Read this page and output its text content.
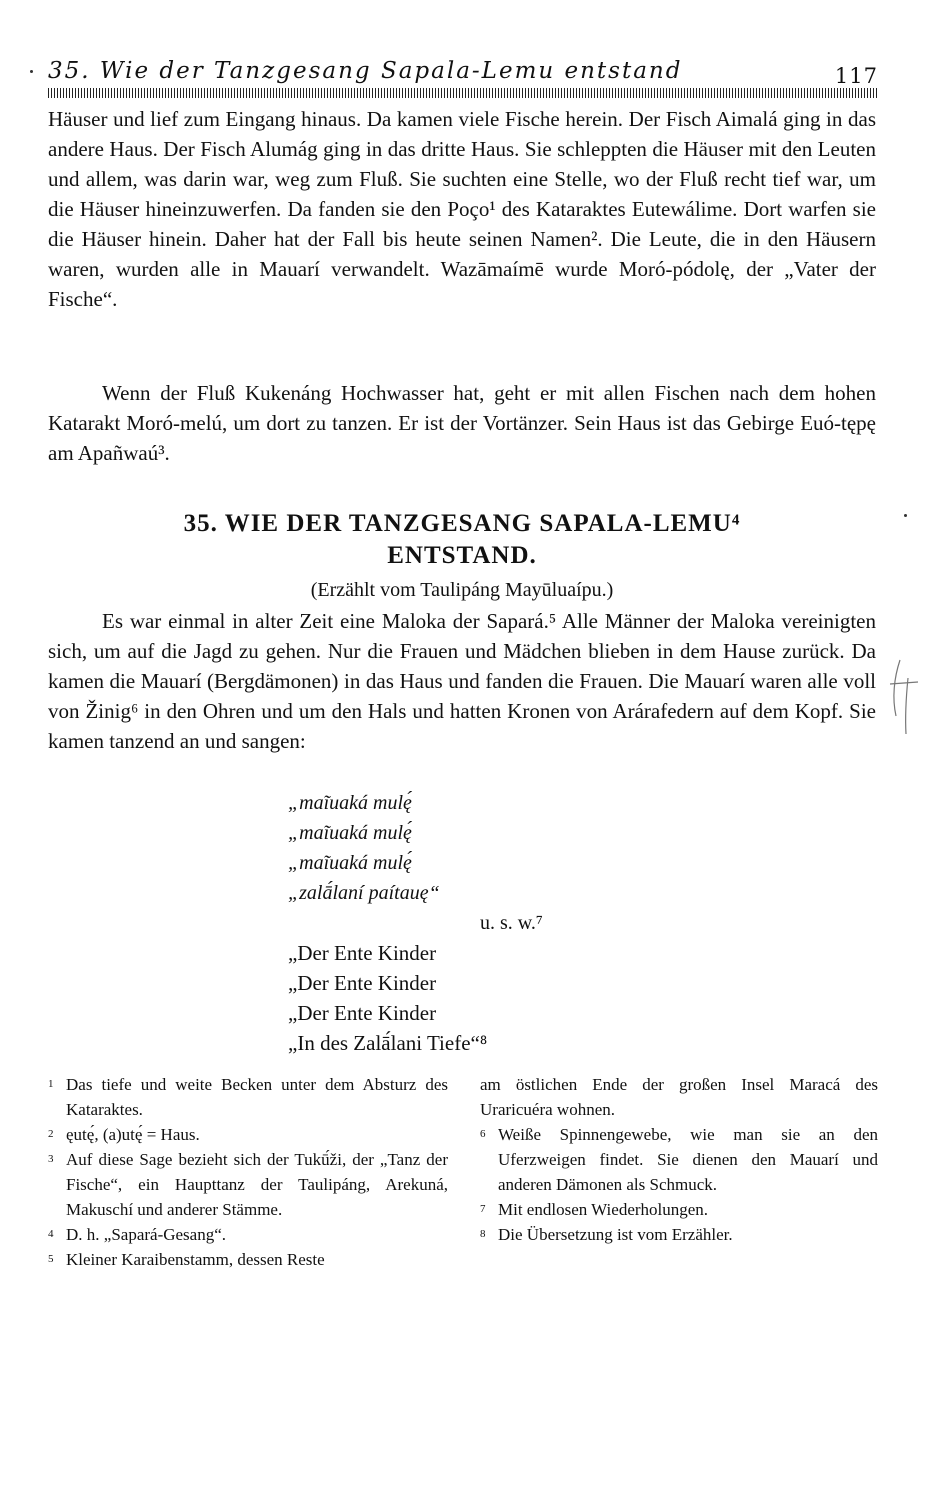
35. Wie der Tanzgesang Sapala-Lemu entstand	117

Häuser und lief zum Eingang hinaus. Da kamen viele Fische herein. Der Fisch Aimalá ging in das andere Haus. Der Fisch Alumág ging in das dritte Haus. Sie schleppten die Häuser mit den Leuten und allem, was darin war, weg zum Fluß. Sie suchten eine Stelle, wo der Fluß recht tief war, um die Häuser hineinzuwerfen. Da fanden sie den Poço¹ des Kataraktes Eutewálime. Dort warfen sie die Häuser hinein. Daher hat der Fall bis heute seinen Namen². Die Leute, die in den Häusern waren, wurden alle in Mauarí verwandelt. Wazāmaímē wurde Moró-pódolę, der „Vater der Fische“.

Wenn der Fluß Kukenáng Hochwasser hat, geht er mit allen Fischen nach dem hohen Katarakt Moró-melú, um dort zu tanzen. Er ist der Vortänzer. Sein Haus ist das Gebirge Euó-tępę am Apañwaú³.

35. WIE DER TANZGESANG SAPALA-LEMU⁴
ENTSTAND.

(Erzählt vom Taulipáng Mayūluaípu.)

Es war einmal in alter Zeit eine Maloka der Sapará.⁵ Alle Männer der Maloka vereinigten sich, um auf die Jagd zu gehen. Nur die Frauen und Mädchen blieben in dem Hause zurück. Da kamen die Mauarí (Bergdämonen) in das Haus und fanden die Frauen. Die Mauarí waren alle voll von Žinig⁶ in den Ohren und um den Hals und hatten Kronen von Arárafedern auf dem Kopf. Sie kamen tanzend an und sangen:

„maĩuaká mulę́
„maĩuaká mulę́
„maĩuaká mulę́
„zalā́laní paítauę“
u. s. w.⁷
„Der Ente Kinder
„Der Ente Kinder
„Der Ente Kinder
„In des Zalā́lani Tiefe“⁸
1 Das tiefe und weite Becken unter dem Absturz des Kataraktes.
2 ęutę́, (a)utę́ = Haus.
3 Auf diese Sage bezieht sich der Tukū́ži, der „Tanz der Fische“, ein Haupttanz der Taulipáng, Arekuná, Makuschí und anderer Stämme.
4 D. h. „Sapará-Gesang“.
5 Kleiner Karaibenstamm, dessen Reste
am östlichen Ende der großen Insel Maracá des Uraricuéra wohnen.
6 Weiße Spinnengewebe, wie man sie an den Uferzweigen findet. Sie dienen den Mauarí und anderen Dämonen als Schmuck.
7 Mit endlosen Wiederholungen.
8 Die Übersetzung ist vom Erzähler.
